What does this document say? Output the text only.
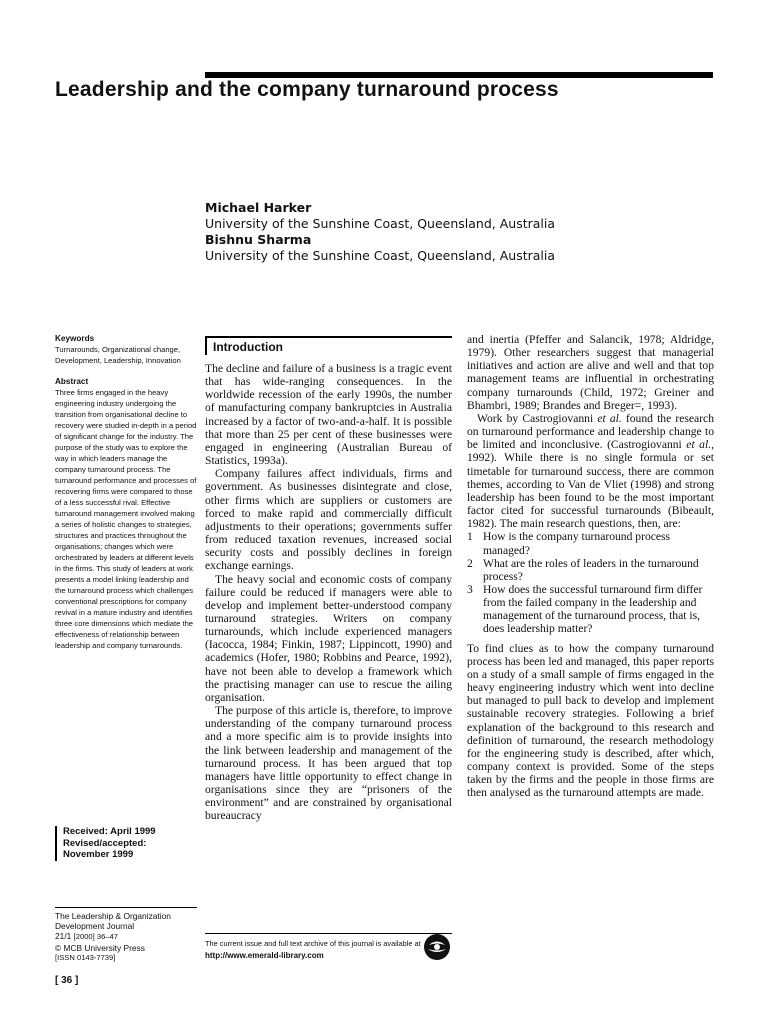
Leadership and the company turnaround process
Michael Harker
University of the Sunshine Coast, Queensland, Australia
Bishnu Sharma
University of the Sunshine Coast, Queensland, Australia

Keywords

Turnarounds, Organizational change, Development, Leadership, Innovation

Abstract

Three firms engaged in the heavy engineering industry undergoing the transition from organisational decline to recovery were studied in-depth in a period of significant change for the industry. The purpose of the study was to explore the way in which leaders manage the company turnaround process. The turnaround performance and processes of recovering firms were compared to those of a less successful rival. Effective turnaround management involved making a series of holistic changes to strategies, structures and practices throughout the organisations; changes which were orchestrated by leaders at different levels in the firms. This study of leaders at work presents a model linking leadership and the turnaround process which challenges conventional prescriptions for company revival in a mature industry and identifies three core dimensions which mediate the effectiveness of relationship between leadership and company turnarounds.

Received: April 1999
Revised/accepted:
November 1999
The Leadership & Organization Development Journal
21/1 [2000] 36–47
© MCB University Press
[ISSN 0143-7739]
[ 36 ]
Introduction

The decline and failure of a business is a tragic event that has wide-ranging consequences. In the worldwide recession of the early 1990s, the number of manufacturing company bankruptcies in Australia increased by a factor of two-and-a-half. It is possible that more than 25 per cent of these businesses were engaged in engineering (Australian Bureau of Statistics, 1993a).

Company failures affect individuals, firms and government. As businesses disintegrate and close, other firms which are suppliers or customers are forced to make rapid and commercially difficult adjustments to their operations; governments suffer from reduced taxation revenues, increased social security costs and possibly declines in foreign exchange earnings.

The heavy social and economic costs of company failure could be reduced if managers were able to develop and implement better-understood company turnaround strategies. Writers on company turnarounds, which include experienced managers (Iacocca, 1984; Finkin, 1987; Lippincott, 1990) and academics (Hofer, 1980; Robbins and Pearce, 1992), have not been able to develop a framework which the practising manager can use to rescue the ailing organisation.

The purpose of this article is, therefore, to improve understanding of the company turnaround process and a more specific aim is to provide insights into the link between leadership and management of the turnaround process. It has been argued that top managers have little opportunity to effect change in organisations since they are “prisoners of the environment” and are constrained by organisational bureaucracy

and inertia (Pfeffer and Salancik, 1978; Aldridge, 1979). Other researchers suggest that managerial initiatives and action are alive and well and that top management teams are influential in orchestrating company turnarounds (Child, 1972; Greiner and Bhambri, 1989; Brandes and Breger=, 1993).

Work by Castrogiovanni et al. found the research on turnaround performance and leadership change to be limited and inconclusive. (Castrogiovanni et al., 1992). While there is no single formula or set timetable for turnaround success, there are common themes, according to Van de Vliet (1998) and strong leadership has been found to be the most important factor cited for successful turnarounds (Bibeault, 1982). The main research questions, then, are:

1 How is the company turnaround process managed?
2 What are the roles of leaders in the turnaround process?
3 How does the successful turnaround firm differ from the failed company in the leadership and management of the turnaround process, that is, does leadership matter?

To find clues as to how the company turnaround process has been led and managed, this paper reports on a study of a small sample of firms engaged in the heavy engineering industry which went into decline but managed to pull back to develop and implement sustainable recovery strategies. Following a brief explanation of the background to this research and definition of turnaround, the research methodology for the engineering study is described, after which, company context is provided. Some of the steps taken by the firms and the people in those firms are then analysed as the turnaround attempts are made.

The current issue and full text archive of this journal is available at
http://www.emerald-library.com
